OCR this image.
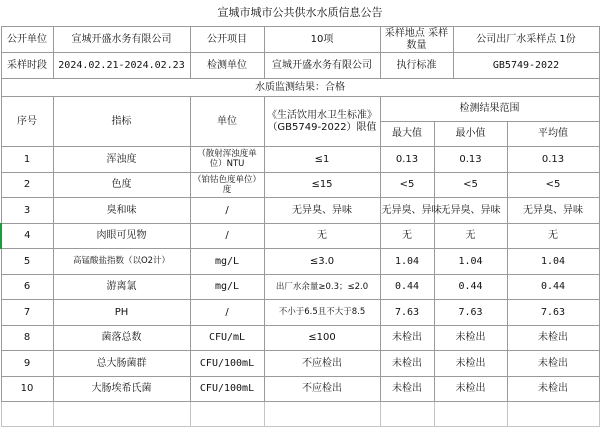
宣城市城市公共供水水质信息公告
公开单位	宣城开盛水务有限公司	公开项目	10项	采样地点 采样数量		公司出厂水采样点 1份	
采样时段	2024.02.21-2024.02.23	检测单位	宣城开盛水务有限公司	执行标准		GB5749-2022	
水质监测结果：合格							
序号	指标	单位	《生活饮用水卫生标准》（GB5749-2022）限值	检测结果范围			
				最大值	最小值		平均值
1	浑浊度	（散射浑浊度单位）NTU	≤1	0.13	0.13		0.13
2	色度	（铂钴色度单位）度	≤15	<5	<5		<5
3	臭和味	/	无异臭、异味	无异臭、异味	无异臭、异味		无异臭、异味
4	肉眼可见物	/	无	无	无		无
5	高锰酸盐指数（以O2计）	mg/L	≤3.0	1.04	1.04		1.04
6	游离氯	mg/L	出厂水余量≥0.3；≤2.0	0.44	0.44		0.44
7	PH	/	不小于6.5且不大于8.5	7.63	7.63		7.63
8	菌落总数	CFU/mL	≤100	未检出	未检出		未检出
9	总大肠菌群	CFU/100mL	不应检出	未检出	未检出		未检出
10	大肠埃希氏菌	CFU/100mL	不应检出	未检出	未检出		未检出
